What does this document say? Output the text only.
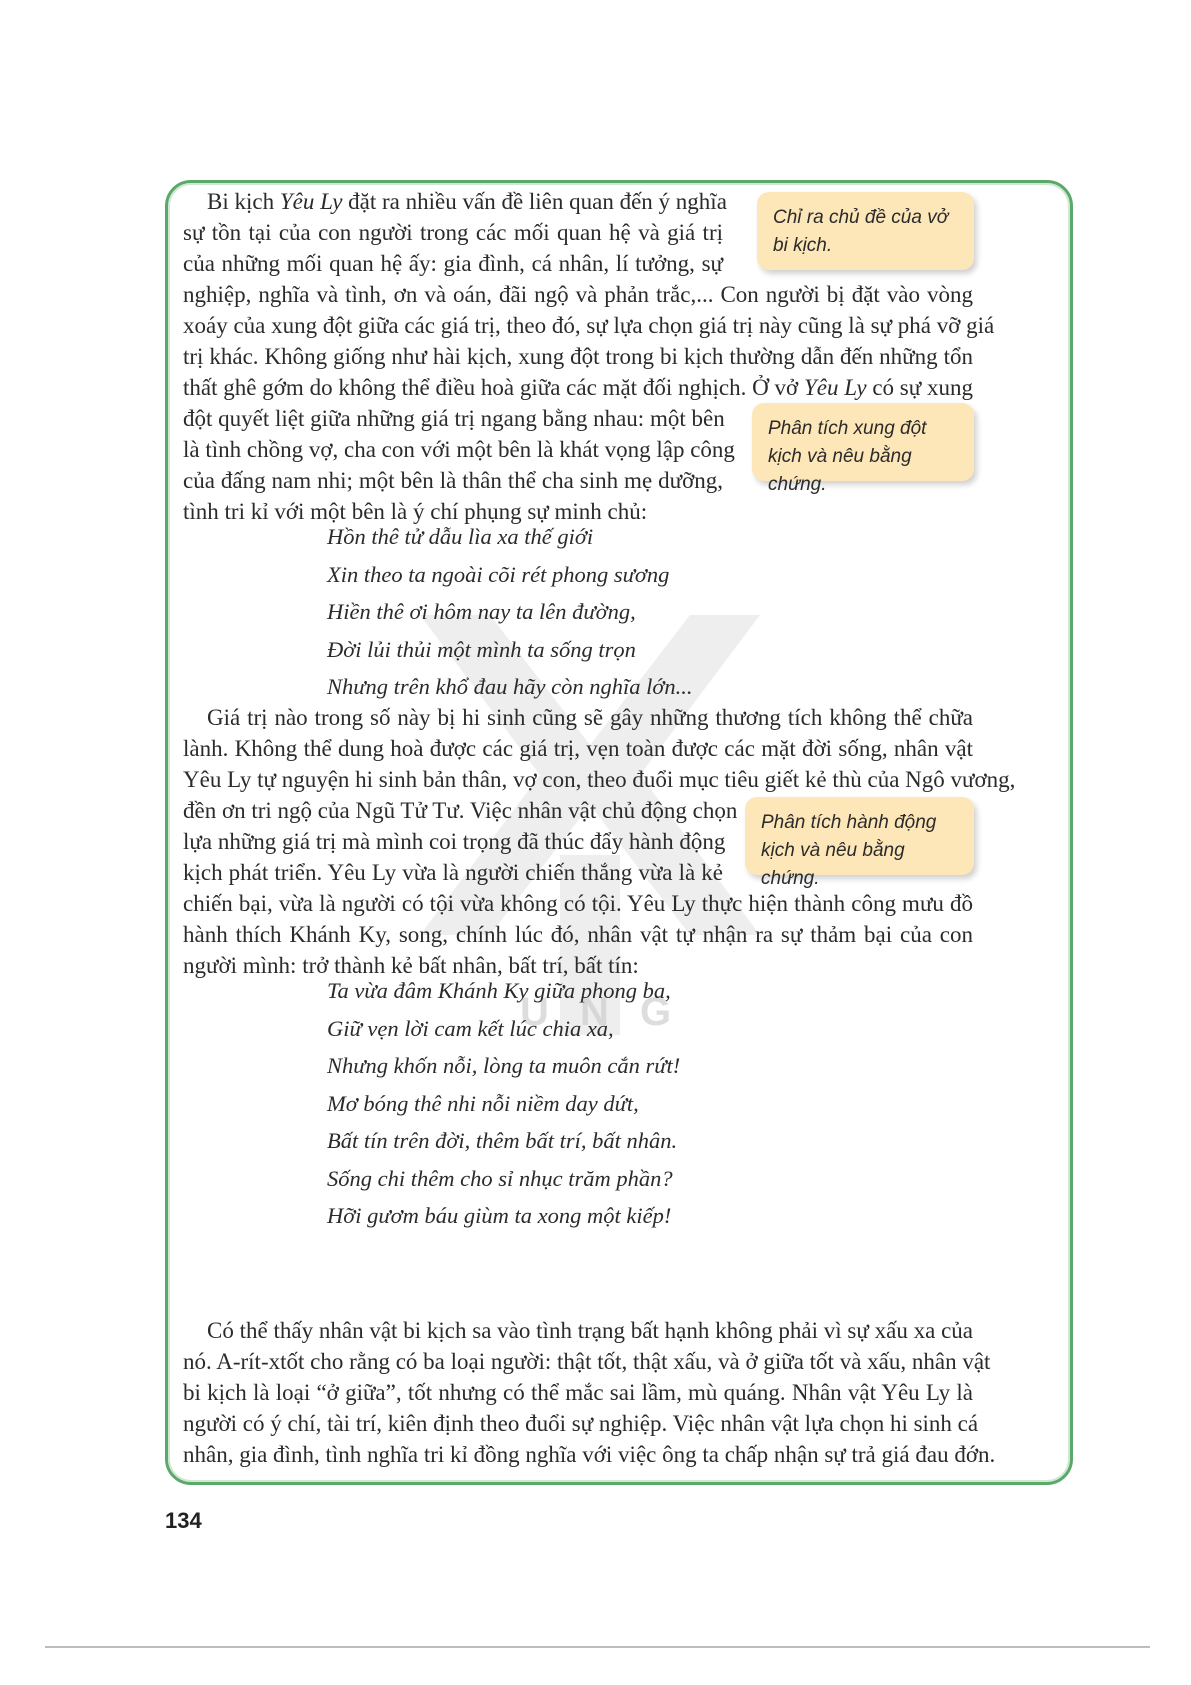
U N G
Bi kịch Yêu Ly đặt ra nhiều vấn đề liên quan đến ý nghĩa
sự tồn tại của con người trong các mối quan hệ và giá trị
của những mối quan hệ ấy: gia đình, cá nhân, lí tưởng, sự
nghiệp, nghĩa và tình, ơn và oán, đãi ngộ và phản trắc,... Con người bị đặt vào vòng
xoáy của xung đột giữa các giá trị, theo đó, sự lựa chọn giá trị này cũng là sự phá vỡ giá
trị khác. Không giống như hài kịch, xung đột trong bi kịch thường dẫn đến những tổn
thất ghê gớm do không thể điều hoà giữa các mặt đối nghịch. Ở vở Yêu Ly có sự xung
đột quyết liệt giữa những giá trị ngang bằng nhau: một bên
là tình chồng vợ, cha con với một bên là khát vọng lập công
của đấng nam nhi; một bên là thân thể cha sinh mẹ dưỡng,
tình tri kỉ với một bên là ý chí phụng sự minh chủ:
Chỉ ra chủ đề của vở bi kịch.
Phân tích xung đột kịch và nêu bằng chứng.
Phân tích hành động kịch và nêu bằng chứng.
Hồn thê tử dẫu lìa xa thế giới
Xin theo ta ngoài cõi rét phong sương
Hiền thê ơi hôm nay ta lên đường,
Đời lủi thủi một mình ta sống trọn
Nhưng trên khổ đau hãy còn nghĩa lớn...
Giá trị nào trong số này bị hi sinh cũng sẽ gây những thương tích không thể chữa
lành. Không thể dung hoà được các giá trị, vẹn toàn được các mặt đời sống, nhân vật
Yêu Ly tự nguyện hi sinh bản thân, vợ con, theo đuổi mục tiêu giết kẻ thù của Ngô vương,
đền ơn tri ngộ của Ngũ Tử Tư. Việc nhân vật chủ động chọn
lựa những giá trị mà mình coi trọng đã thúc đẩy hành động
kịch phát triển. Yêu Ly vừa là người chiến thắng vừa là kẻ
chiến bại, vừa là người có tội vừa không có tội. Yêu Ly thực hiện thành công mưu đồ
hành thích Khánh Ky, song, chính lúc đó, nhân vật tự nhận ra sự thảm bại của con
người mình: trở thành kẻ bất nhân, bất trí, bất tín:
Ta vừa đâm Khánh Ky giữa phong ba,
Giữ vẹn lời cam kết lúc chia xa,
Nhưng khốn nỗi, lòng ta muôn cắn rứt!
Mơ bóng thê nhi nỗi niềm day dứt,
Bất tín trên đời, thêm bất trí, bất nhân.
Sống chi thêm cho sỉ nhục trăm phần?
Hỡi gươm báu giùm ta xong một kiếp!
Có thể thấy nhân vật bi kịch sa vào tình trạng bất hạnh không phải vì sự xấu xa của
nó. A-rít-xtốt cho rằng có ba loại người: thật tốt, thật xấu, và ở giữa tốt và xấu, nhân vật
bi kịch là loại “ở giữa”, tốt nhưng có thể mắc sai lầm, mù quáng. Nhân vật Yêu Ly là
người có ý chí, tài trí, kiên định theo đuổi sự nghiệp. Việc nhân vật lựa chọn hi sinh cá
nhân, gia đình, tình nghĩa tri kỉ đồng nghĩa với việc ông ta chấp nhận sự trả giá đau đớn.
134
